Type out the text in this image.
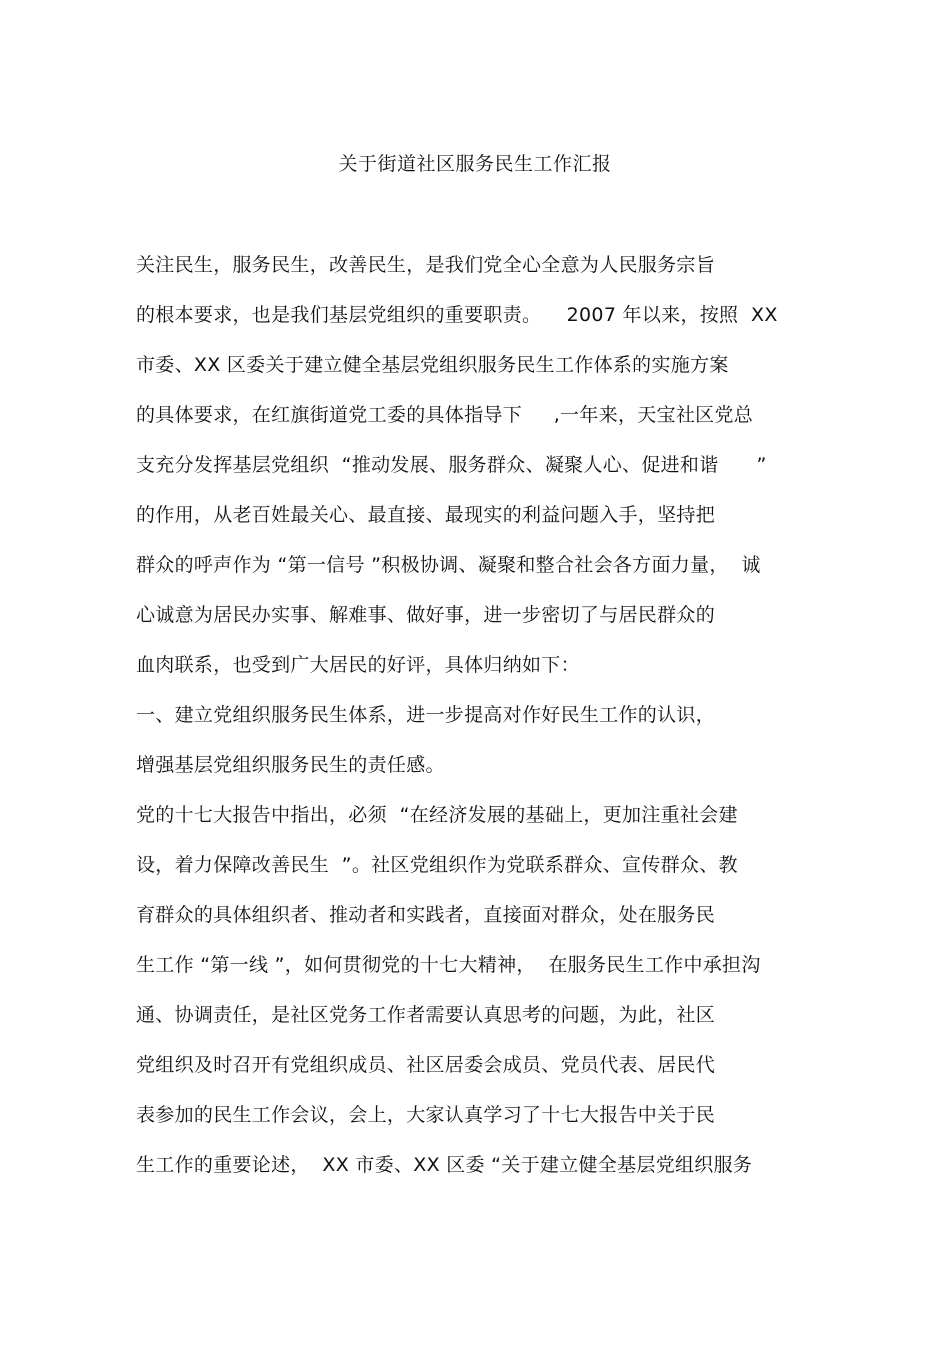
关于街道社区服务民生工作汇报
关注民生，服务民生，改善民生，是我们党全心全意为人民服务宗旨
的根本要求，也是我们基层党组织的重要职责。    2007 年以来，按照  XX
市委、XX 区委关于建立健全基层党组织服务民生工作体系的实施方案
的具体要求，在红旗街道党工委的具体指导下     ,一年来，天宝社区党总
支充分发挥基层党组织  “推动发展、服务群众、凝聚人心、促进和谐      ”
的作用，从老百姓最关心、最直接、最现实的利益问题入手，坚持把
群众的呼声作为 “第一信号 ”积极协调、凝聚和整合社会各方面力量，  诚
心诚意为居民办实事、解难事、做好事，进一步密切了与居民群众的
血肉联系，也受到广大居民的好评，具体归纳如下：
一、建立党组织服务民生体系，进一步提高对作好民生工作的认识，
增强基层党组织服务民生的责任感。
党的十七大报告中指出，必须  “在经济发展的基础上，更加注重社会建
设，着力保障改善民生  ”。社区党组织作为党联系群众、宣传群众、教
育群众的具体组织者、推动者和实践者，直接面对群众，处在服务民
生工作 “第一线 ”，如何贯彻党的十七大精神，  在服务民生工作中承担沟
通、协调责任，是社区党务工作者需要认真思考的问题，为此，社区
党组织及时召开有党组织成员、社区居委会成员、党员代表、居民代
表参加的民生工作会议，会上，大家认真学习了十七大报告中关于民
生工作的重要论述，  XX 市委、XX 区委 “关于建立健全基层党组织服务
